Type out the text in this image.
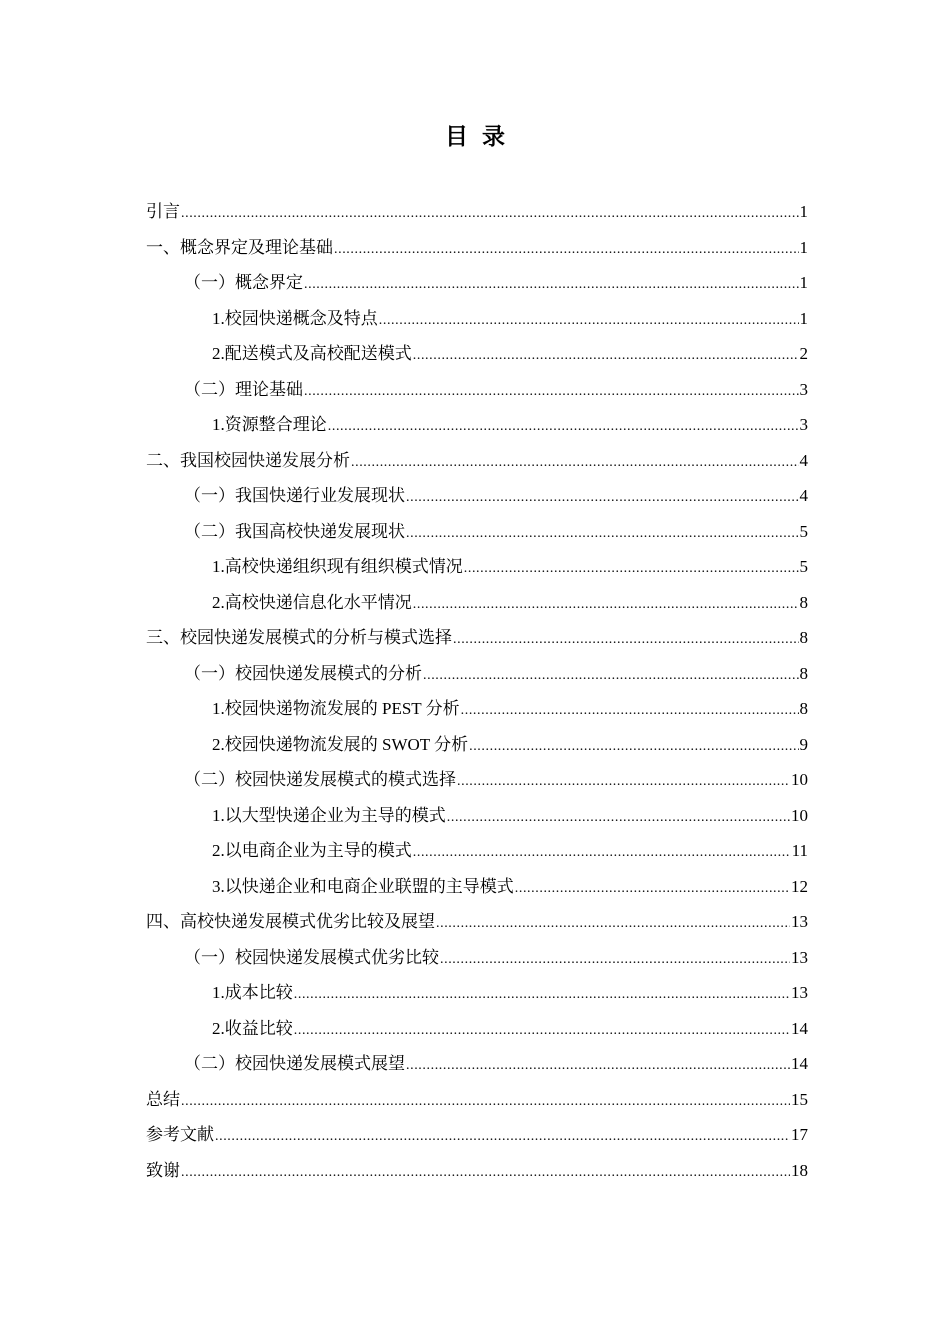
目录
引言 .....	1
一、概念界定及理论基础 .....	1
（一）概念界定 .....	1
1.校园快递概念及特点 .....	1
2.配送模式及高校配送模式 .....	2
（二）理论基础 .....	3
1.资源整合理论 .....	3
二、我国校园快递发展分析 .....	4
（一）我国快递行业发展现状 .....	4
（二）我国高校快递发展现状 .....	5
1.高校快递组织现有组织模式情况 .....	5
2.高校快递信息化水平情况 .....	8
三、校园快递发展模式的分析与模式选择 .....	8
（一）校园快递发展模式的分析 .....	8
1.校园快递物流发展的 PEST 分析 .....	8
2.校园快递物流发展的 SWOT 分析 .....	9
（二）校园快递发展模式的模式选择 .....	10
1.以大型快递企业为主导的模式 .....	10
2.以电商企业为主导的模式 .....	11
3.以快递企业和电商企业联盟的主导模式 .....	12
四、高校快递发展模式优劣比较及展望 .....	13
（一）校园快递发展模式优劣比较 .....	13
1.成本比较 .....	13
2.收益比较 .....	14
（二）校园快递发展模式展望 .....	14
总结 .....	15
参考文献 .....	17
致谢 .....	18
